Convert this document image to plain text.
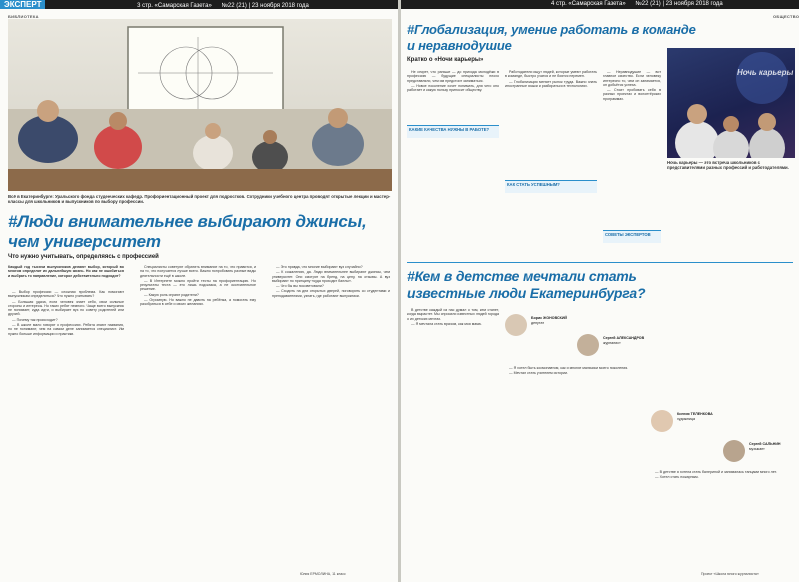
ЭКСПЕРТ	3 стр. «Самарская Газета» №22 (21) | 23 ноября 2018 года
БИБЛИОТЕКА
Всё в Екатеринбурге: Уральского фонда студенческих кафедр. Профориентационный проект для подростков. Сотрудники учебного центра проводят открытые лекции и мастер-классы для школьников и выпускников по выбору профессии.
#Люди внимательнее выбирают джинсы,
чем университет
Что нужно учитывать, определяясь с профессией
Каждый год тысячи выпускников делают выбор, который во многом определит их дальнейшую жизнь. Но как не ошибиться и выбрать то направление, которое действительно подходит?

— Выбор профессии — сложная проблема. Как помогают выпускникам определиться? Что нужно учитывать?

— Большая удача, если человек знает себя, свои сильные стороны и интересы. Но таких ребят немного. Чаще всего выпускник не понимает, куда идти, и выбирает вуз по совету родителей или друзей.

— Почему так происходит?

— В школе мало говорят о профессиях. Ребята знают названия, но не понимают, чем на самом деле занимается специалист. Им нужно больше информации и практики.

Специалисты советуют обратить внимание на то, что нравится, и на то, что получается лучше всего. Важно попробовать разные виды деятельности ещё в школе.

— В Интернете можно пройти тесты на профориентацию. Но результаты теста — это лишь подсказка, а не окончательное решение.

— Какую роль играют родители?

— Огромную. Но важно не давить на ребёнка, а помогать ему разобраться в себе и своих желаниях.

— Это правда, что многие выбирают вуз случайно?

— К сожалению, да. Люди внимательнее выбирают джинсы, чем университет. Они смотрят на бренд, на цену, на отзывы. А вуз выбирают по принципу «куда проходят баллы».

— Что бы вы посоветовали?

— Сходить на дни открытых дверей, поговорить со студентами и преподавателями, узнать, где работают выпускники.

Юлия ЕРМОЛИНА, 11 класс
4 стр. «Самарская Газета» №22 (21) | 23 ноября 2018 года
ОБЩЕСТВО
#Глобализация, умение работать в команде
и неравнодушие
Кратко о «Ночи карьеры»

Не секрет, что раньше — до прихода молодёжи в профессию — будущие специалисты плохо представляли, чем им предстоит заниматься.

— Новое поколение хочет понимать, для чего оно работает и какую пользу приносит обществу.

КАКИЕ КАЧЕСТВА НУЖНЫ В РАБОТЕ?

Работодатели ищут людей, которые умеют работать в команде, быстро учатся и не боятся перемен.

— Глобализация меняет рынок труда. Важно знать иностранные языки и разбираться в технологиях.

КАК СТАТЬ УСПЕШНЫМ?

— Неравнодушие — вот главное качество. Если человеку интересно то, чем он занимается, он добьётся успеха.

— Стоит пробовать себя в разных проектах и волонтёрских программах.

СОВЕТЫ ЭКСПЕРТОВ
Ночь карьеры
Ночь карьеры — это встреча школьников с представителями разных профессий и работодателями.
#Кем в детстве мечтали стать
известные люди Екатеринбурга?

В детстве каждый из нас думал о том, кем станет, когда вырастет. Мы спросили известных людей города о их детских мечтах.

— Я мечтала стать врачом, как моя мама.

Борис ЖОНОВСКИЙ
депутат
Сергей АЛЕКСАНДРОВ
журналист
Ксения ТЕЛЕНКОВА
художница
Сергей САЛЬНИН
музыкант

— Я хотел быть космонавтом, как и многие мальчики моего поколения.

— Мечтал стать учителем истории.

— В детстве я хотела стать балериной и занималась танцами много лет.

— Хотел стать пожарным.

Проект «Школа юного журналиста»
